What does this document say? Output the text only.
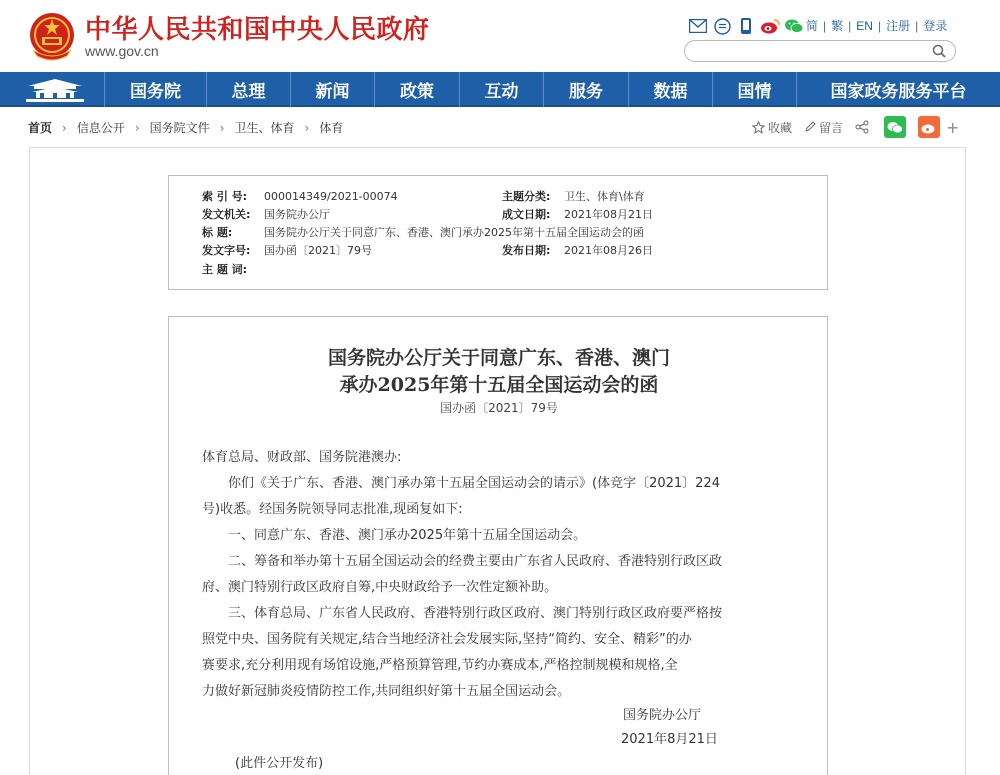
中华人民共和国中央人民政府
www.gov.cn
简 | 繁 | EN | 注册 | 登录
国务院	总理	新闻	政策	互动	服务	数据	国情	国家政务服务平台
首页 › 信息公开 › 国务院文件 › 卫生、体育 › 体育	收藏 留言	+
索 引 号:	000014349/2021-00074	主题分类:	卫生、体育\体育
发文机关:	国务院办公厅	成文日期:	2021年08月21日
标 题:	国务院办公厅关于同意广东、香港、澳门承办2025年第十五届全国运动会的函
发文字号:	国办函〔2021〕79号	发布日期:	2021年08月26日
主 题 词:
国务院办公厅关于同意广东、香港、澳门
承办2025年第十五届全国运动会的函
国办函〔2021〕79号
体育总局、财政部、国务院港澳办:
你们《关于广东、香港、澳门承办第十五届全国运动会的请示》(体竞字〔2021〕224
号)收悉。经国务院领导同志批准,现函复如下:
一、同意广东、香港、澳门承办2025年第十五届全国运动会。
二、筹备和举办第十五届全国运动会的经费主要由广东省人民政府、香港特别行政区政
府、澳门特别行政区政府自筹,中央财政给予一次性定额补助。
三、体育总局、广东省人民政府、香港特别行政区政府、澳门特别行政区政府要严格按
照党中央、国务院有关规定,结合当地经济社会发展实际,坚持“简约、安全、精彩”的办
赛要求,充分利用现有场馆设施,严格预算管理,节约办赛成本,严格控制规模和规格,全
力做好新冠肺炎疫情防控工作,共同组织好第十五届全国运动会。
国务院办公厅
2021年8月21日
(此件公开发布)
